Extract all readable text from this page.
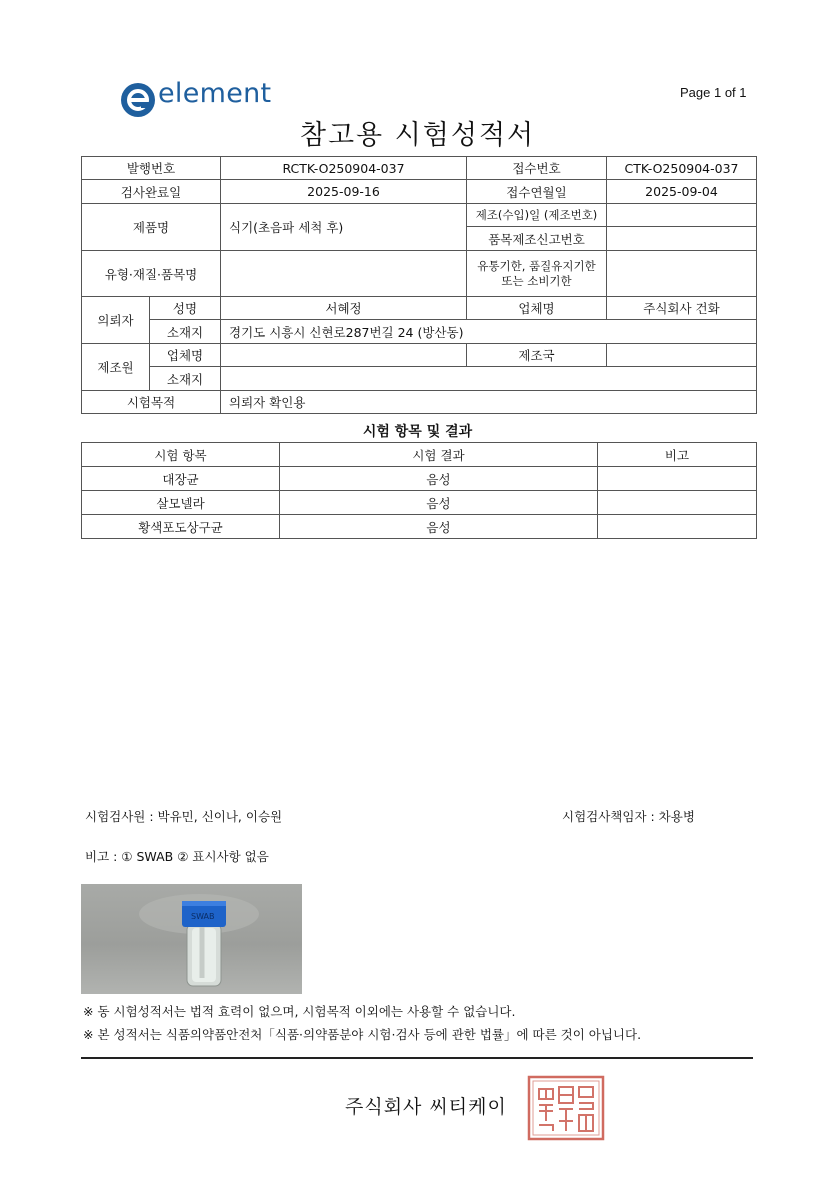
element	Page 1 of 1
참고용 시험성적서
발행번호		RCTK-O250904-037	접수번호	CTK-O250904-037
검사완료일		2025-09-16	접수연월일	2025-09-04
제품명		식기(초음파 세척 후)	제조(수입)일 (제조번호)	
			품목제조신고번호	
유형·재질·품목명			유통기한, 품질유지기한
또는 소비기한	

의뢰자	성명	서혜정	업체명	주식회사 건화
	소재지	경기도 시흥시 신현로287번길 24 (방산동)		
제조원	업체명		제조국	
	소재지			
시험목적		의뢰자 확인용		
시험 항목 및 결과
시험 항목	시험 결과	비고
대장균	음성	
살모넬라	음성	
황색포도상구균	음성	
시험검사원 : 박유민, 신이나, 이승원	시험검사책임자 : 차용병
비고 : ① SWAB ② 표시사항 없음
SWAB
※ 동 시험성적서는 법적 효력이 없으며, 시험목적 이외에는 사용할 수 없습니다.
※ 본 성적서는 식품의약품안전처「식품·의약품분야 시험·검사 등에 관한 법률」에 따른 것이 아닙니다.
주식회사 씨티케이
